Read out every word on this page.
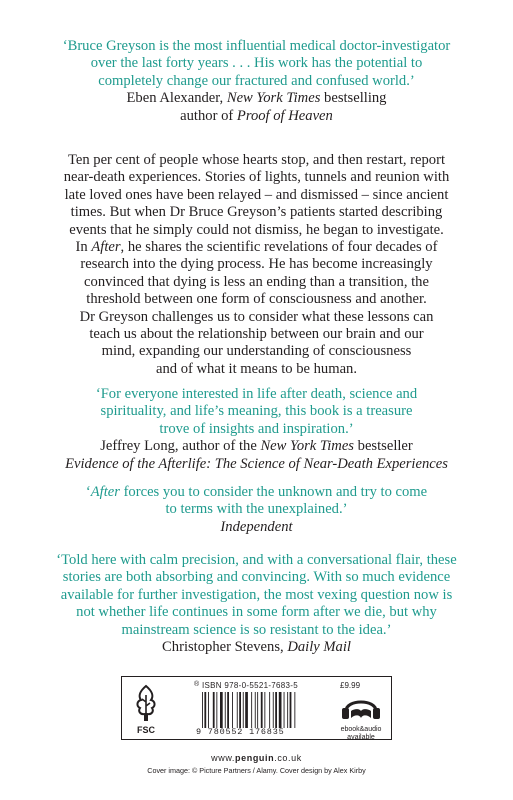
‘Bruce Greyson is the most influential medical doctor-investigator
over the last forty years . . . His work has the potential to
completely change our fractured and confused world.’
Eben Alexander, New York Times bestselling
author of Proof of Heaven
Ten per cent of people whose hearts stop, and then restart, report
near-death experiences. Stories of lights, tunnels and reunion with
late loved ones have been relayed – and dismissed – since ancient
times. But when Dr Bruce Greyson’s patients started describing
events that he simply could not dismiss, he began to investigate.
In After, he shares the scientific revelations of four decades of
research into the dying process. He has become increasingly
convinced that dying is less an ending than a transition, the
threshold between one form of consciousness and another.
Dr Greyson challenges us to consider what these lessons can
teach us about the relationship between our brain and our
mind, expanding our understanding of consciousness
and of what it means to be human.
‘For everyone interested in life after death, science and
spirituality, and life’s meaning, this book is a treasure
trove of insights and inspiration.’
Jeffrey Long, author of the New York Times bestseller
Evidence of the Afterlife: The Science of Near-Death Experiences
‘After forces you to consider the unknown and try to come
to terms with the unexplained.’
Independent
‘Told here with calm precision, and with a conversational flair, these
stories are both absorbing and convincing. With so much evidence
available for further investigation, the most vexing question now is
not whether life continues in some form after we die, but why
mainstream science is so resistant to the idea.’
Christopher Stevens, Daily Mail
FSC
® ISBN 978-0-5521-7683-5	£9.99
9 780552 176835	ebook&audio
available
www.penguin.co.uk
Cover image: © Picture Partners / Alamy. Cover design by Alex Kirby
